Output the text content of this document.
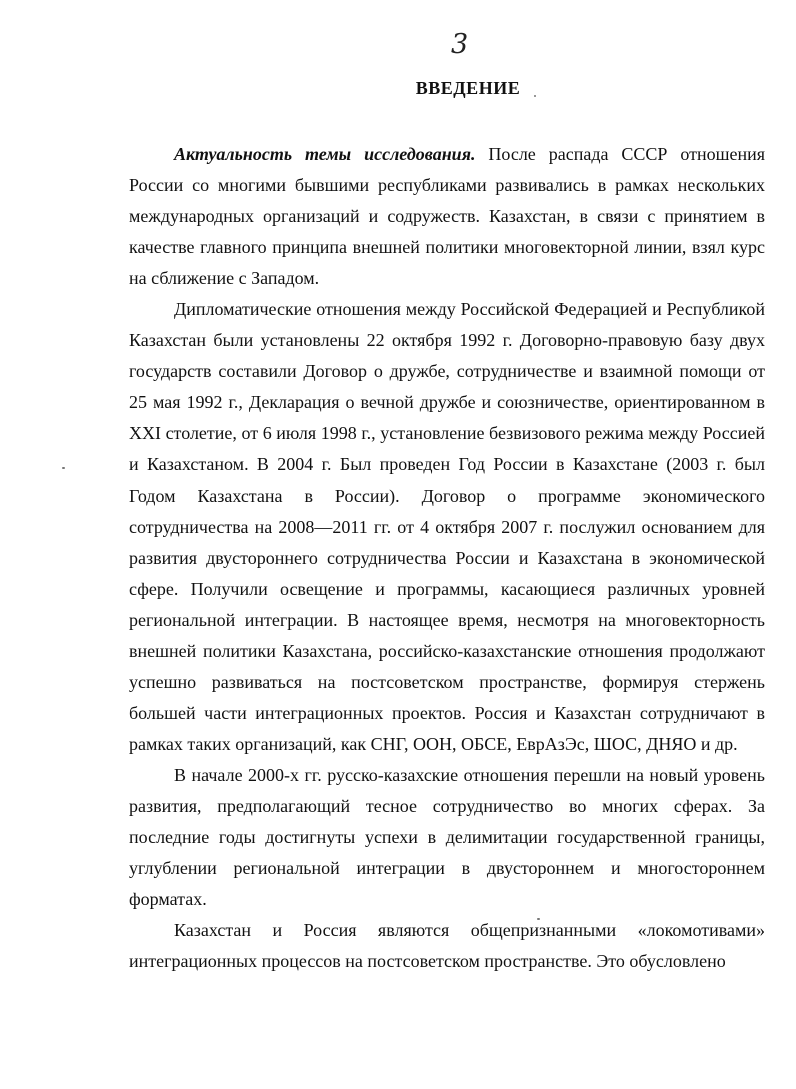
3
ВВЕДЕНИЕ

Актуальность темы исследования. После распада СССР отношения России со многими бывшими республиками развивались в рамках нескольких международных организаций и содружеств. Казахстан, в связи с принятием в качестве главного принципа внешней политики многовекторной линии, взял курс на сближение с Западом.

Дипломатические отношения между Российской Федерацией и Республикой Казахстан были установлены 22 октября 1992 г. Договорно-правовую базу двух государств составили Договор о дружбе, сотрудничестве и взаимной помощи от 25 мая 1992 г., Декларация о вечной дружбе и союзничестве, ориентированном в XXI столетие, от 6 июля 1998 г., установление безвизового режима между Россией и Казахстаном. В 2004 г. Был проведен Год России в Казахстане (2003 г. был Годом Казахстана в России). Договор о программе экономического сотрудничества на 2008—2011 гг. от 4 октября 2007 г. послужил основанием для развития двустороннего сотрудничества России и Казахстана в экономической сфере. Получили освещение и программы, касающиеся различных уровней региональной интеграции. В настоящее время, несмотря на многовекторность внешней политики Казахстана, российско-казахстанские отношения продолжают успешно развиваться на постсоветском пространстве, формируя стержень большей части интеграционных проектов. Россия и Казахстан сотрудничают в рамках таких организаций, как СНГ, ООН, ОБСЕ, ЕврАзЭс, ШОС, ДНЯО и др.

В начале 2000-х гг. русско-казахские отношения перешли на новый уровень развития, предполагающий тесное сотрудничество во многих сферах. За последние годы достигнуты успехи в делимитации государственной границы, углублении региональной интеграции в двустороннем и многостороннем форматах.

Казахстан и Россия являются общепризнанными «локомотивами» интеграционных процессов на постсоветском пространстве. Это обусловлено
